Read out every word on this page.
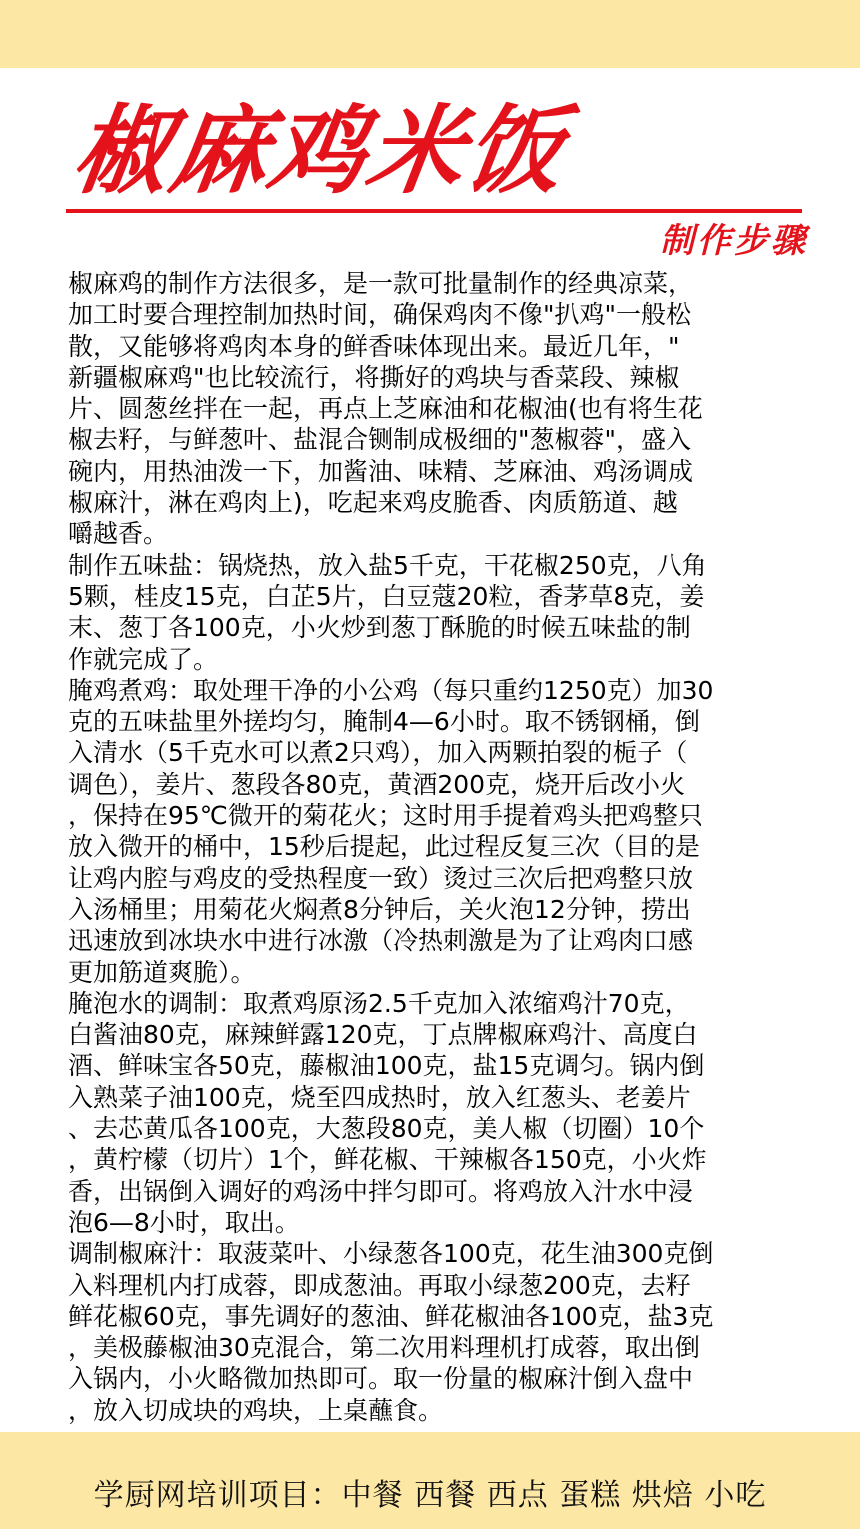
椒麻鸡米饭
制作步骤

椒麻鸡的制作方法很多，是一款可批量制作的经典凉菜，
加工时要合理控制加热时间，确保鸡肉不像"扒鸡"一般松
散，又能够将鸡肉本身的鲜香味体现出来。最近几年，"
新疆椒麻鸡"也比较流行，将撕好的鸡块与香菜段、辣椒
片、圆葱丝拌在一起，再点上芝麻油和花椒油(也有将生花
椒去籽，与鲜葱叶、盐混合铡制成极细的"葱椒蓉"，盛入
碗内，用热油泼一下，加酱油、味精、芝麻油、鸡汤调成
椒麻汁，淋在鸡肉上)，吃起来鸡皮脆香、肉质筋道、越
嚼越香。

制作五味盐：锅烧热，放入盐5千克，干花椒250克，八角
5颗，桂皮15克，白芷5片，白豆蔻20粒，香茅草8克，姜
末、葱丁各100克，小火炒到葱丁酥脆的时候五味盐的制
作就完成了。

腌鸡煮鸡：取处理干净的小公鸡（每只重约1250克）加30
克的五味盐里外搓均匀，腌制4—6小时。取不锈钢桶，倒
入清水（5千克水可以煮2只鸡），加入两颗拍裂的栀子（
调色），姜片、葱段各80克，黄酒200克，烧开后改小火
，保持在95℃微开的菊花火；这时用手提着鸡头把鸡整只
放入微开的桶中，15秒后提起，此过程反复三次（目的是
让鸡内腔与鸡皮的受热程度一致）烫过三次后把鸡整只放
入汤桶里；用菊花火焖煮8分钟后，关火泡12分钟，捞出
迅速放到冰块水中进行冰激（冷热刺激是为了让鸡肉口感
更加筋道爽脆）。

腌泡水的调制：取煮鸡原汤2.5千克加入浓缩鸡汁70克，
白酱油80克，麻辣鲜露120克，丁点牌椒麻鸡汁、高度白
酒、鲜味宝各50克，藤椒油100克，盐15克调匀。锅内倒
入熟菜子油100克，烧至四成热时，放入红葱头、老姜片
、去芯黄瓜各100克，大葱段80克，美人椒（切圈）10个
，黄柠檬（切片）1个，鲜花椒、干辣椒各150克，小火炸
香，出锅倒入调好的鸡汤中拌匀即可。将鸡放入汁水中浸
泡6—8小时，取出。

调制椒麻汁：取菠菜叶、小绿葱各100克，花生油300克倒
入料理机内打成蓉，即成葱油。再取小绿葱200克，去籽
鲜花椒60克，事先调好的葱油、鲜花椒油各100克，盐3克
，美极藤椒油30克混合，第二次用料理机打成蓉，取出倒
入锅内，小火略微加热即可。取一份量的椒麻汁倒入盘中
，放入切成块的鸡块，上桌蘸食。

学厨网培训项目：中餐 西餐 西点 蛋糕 烘焙 小吃
